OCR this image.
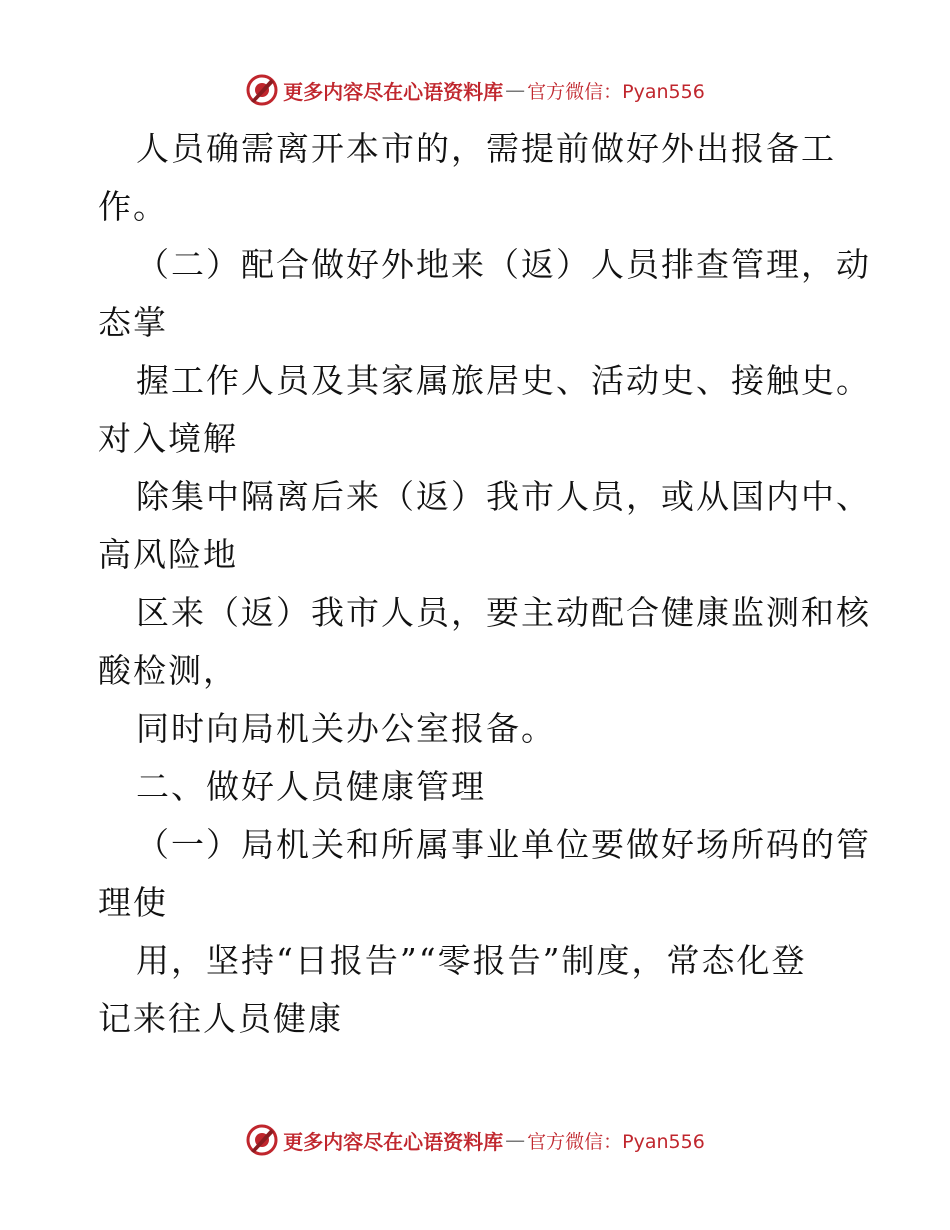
更多内容尽在心语资料库 — 官方微信：Pyan556
人员确需离开本市的，需提前做好外出报备工
作。
（二）配合做好外地来（返）人员排查管理，动
态掌
握工作人员及其家属旅居史、活动史、接触史。
对入境解
除集中隔离后来（返）我市人员，或从国内中、
高风险地
区来（返）我市人员，要主动配合健康监测和核
酸检测，
同时向局机关办公室报备。
二、做好人员健康管理
（一）局机关和所属事业单位要做好场所码的管
理使
用，坚持“日报告”“零报告”制度，常态化登
记来往人员健康
更多内容尽在心语资料库 — 官方微信：Pyan556
